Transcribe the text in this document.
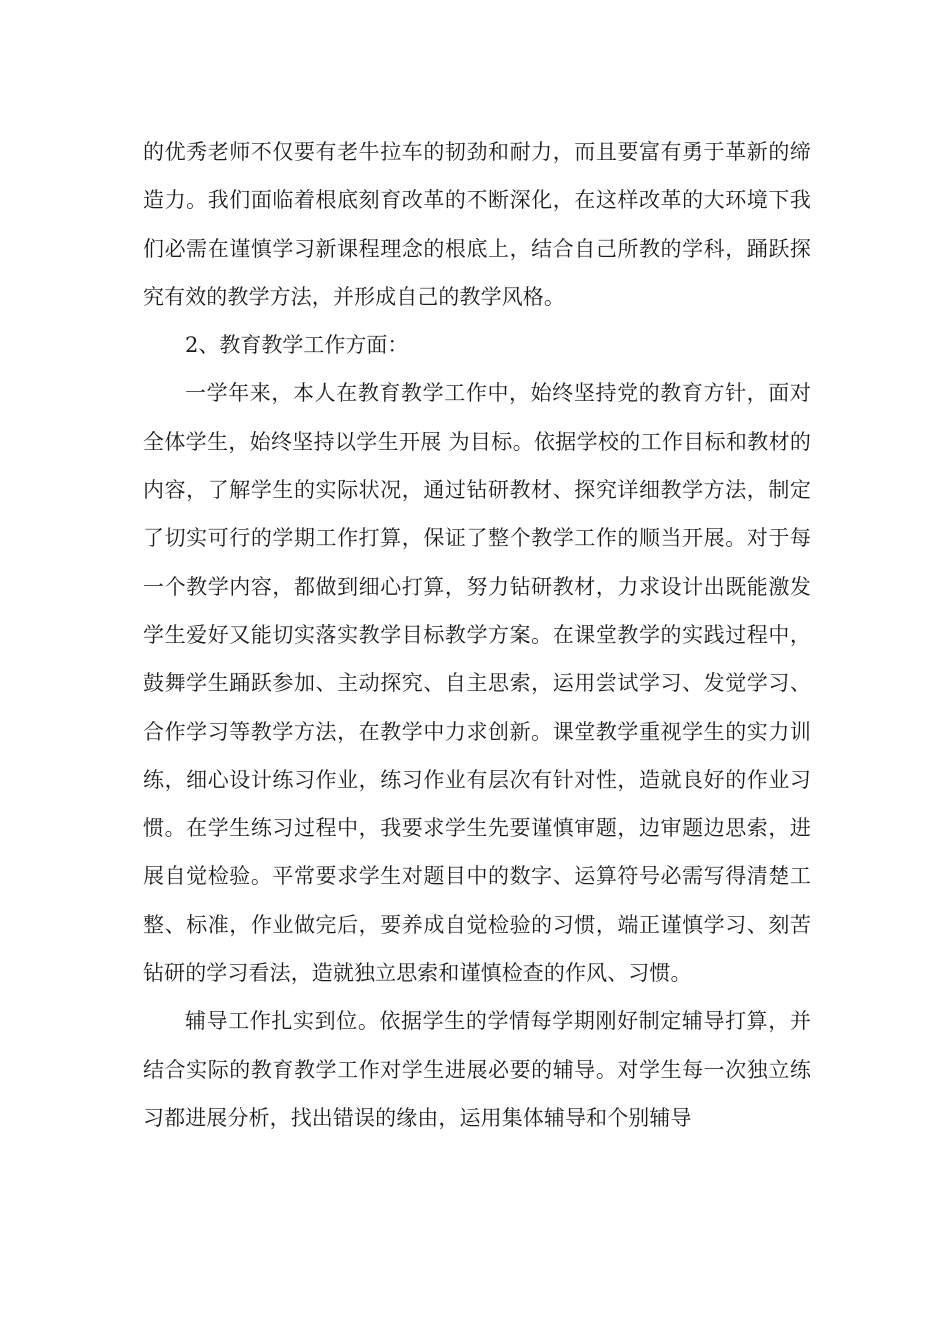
的优秀老师不仅要有老牛拉车的韧劲和耐力，而且要富有勇于革新的缔造力。我们面临着根底刻育改革的不断深化，在这样改革的大环境下我们必需在谨慎学习新课程理念的根底上，结合自己所教的学科，踊跃探究有效的教学方法，并形成自己的教学风格。

2、教育教学工作方面：

一学年来，本人在教育教学工作中，始终坚持党的教育方针，面对全体学生，始终坚持以学生开展 为目标。依据学校的工作目标和教材的内容，了解学生的实际状况，通过钻研教材、探究详细教学方法，制定了切实可行的学期工作打算，保证了整个教学工作的顺当开展。对于每一个教学内容，都做到细心打算，努力钻研教材，力求设计出既能激发学生爱好又能切实落实教学目标教学方案。在课堂教学的实践过程中，鼓舞学生踊跃参加、主动探究、自主思索，运用尝试学习、发觉学习、合作学习等教学方法，在教学中力求创新。课堂教学重视学生的实力训练，细心设计练习作业，练习作业有层次有针对性，造就良好的作业习惯。在学生练习过程中，我要求学生先要谨慎审题，边审题边思索，进展自觉检验。平常要求学生对题目中的数字、运算符号必需写得清楚工整、标准，作业做完后，要养成自觉检验的习惯，端正谨慎学习、刻苦钻研的学习看法，造就独立思索和谨慎检查的作风、习惯。

辅导工作扎实到位。依据学生的学情每学期刚好制定辅导打算，并结合实际的教育教学工作对学生进展必要的辅导。对学生每一次独立练习都进展分析，找出错误的缘由，运用集体辅导和个别辅导
